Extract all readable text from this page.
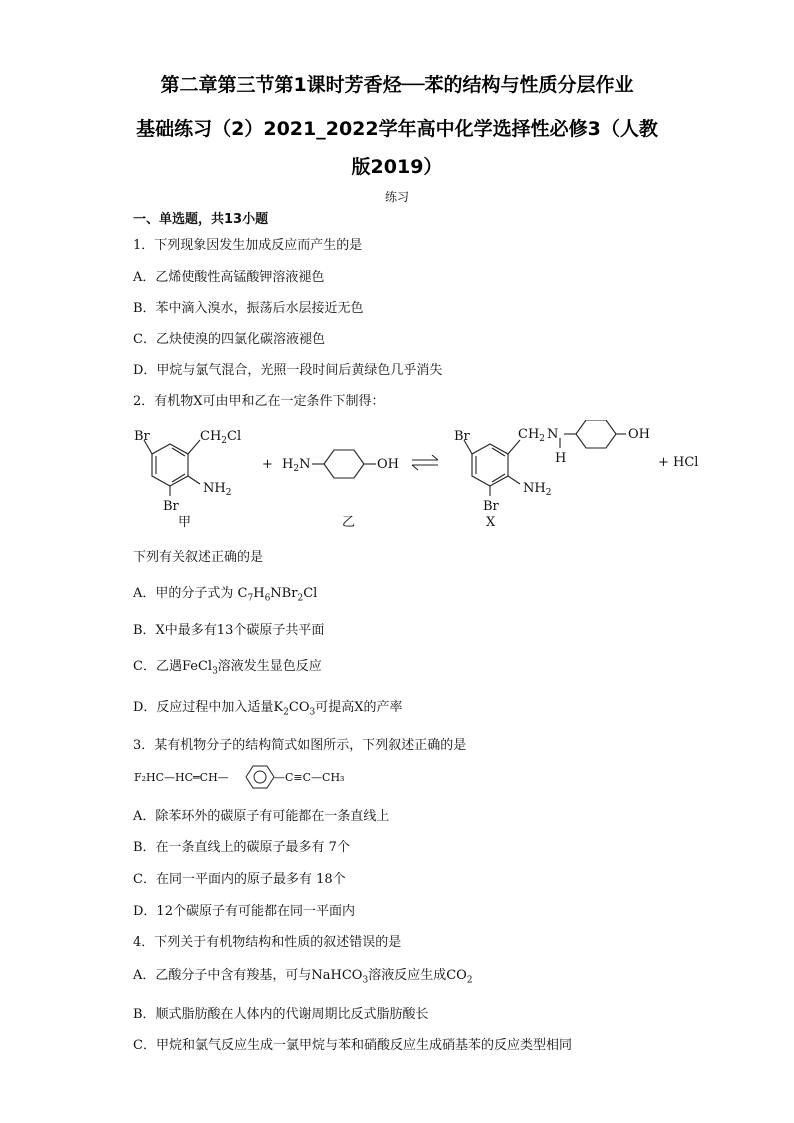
第二章第三节第1课时芳香烃──苯的结构与性质分层作业
基础练习（2）2021_2022学年高中化学选择性必修3（人教
版2019）
练习
一、单选题，共13小题
1．下列现象因发生加成反应而产生的是
A．乙烯使酸性高锰酸钾溶液褪色
B．苯中滴入溴水，振荡后水层接近无色
C．乙炔使溴的四氯化碳溶液褪色
D．甲烷与氯气混合，光照一段时间后黄绿色几乎消失
2．有机物X可由甲和乙在一定条件下制得：
Br	$CH_2Cl$
Br
$NH_2$
甲
+ $H_2N$	OH
乙
Br	$CH_2$ N
H
OH
Br
$NH_2$
X
+ HCl
下列有关叙述正确的是
A．甲的分子式为 $C_7H_6NBr_2Cl$
B．X中最多有13个碳原子共平面
C．乙遇FeCl$_3$溶液发生显色反应
D．反应过程中加入适量$K_2CO_3$可提高X的产率
3．某有机物分子的结构简式如图所示，下列叙述正确的是
F₂HC—HC═CH—	—C≡C—CH₃
A．除苯环外的碳原子有可能都在一条直线上
B．在一条直线上的碳原子最多有 7个
C．在同一平面内的原子最多有 18个
D．12个碳原子有可能都在同一平面内
4．下列关于有机物结构和性质的叙述错误的是
A．乙酸分子中含有羧基，可与NaHCO$_3$溶液反应生成$CO_2$
B．顺式脂肪酸在人体内的代谢周期比反式脂肪酸长
C．甲烷和氯气反应生成一氯甲烷与苯和硝酸反应生成硝基苯的反应类型相同
